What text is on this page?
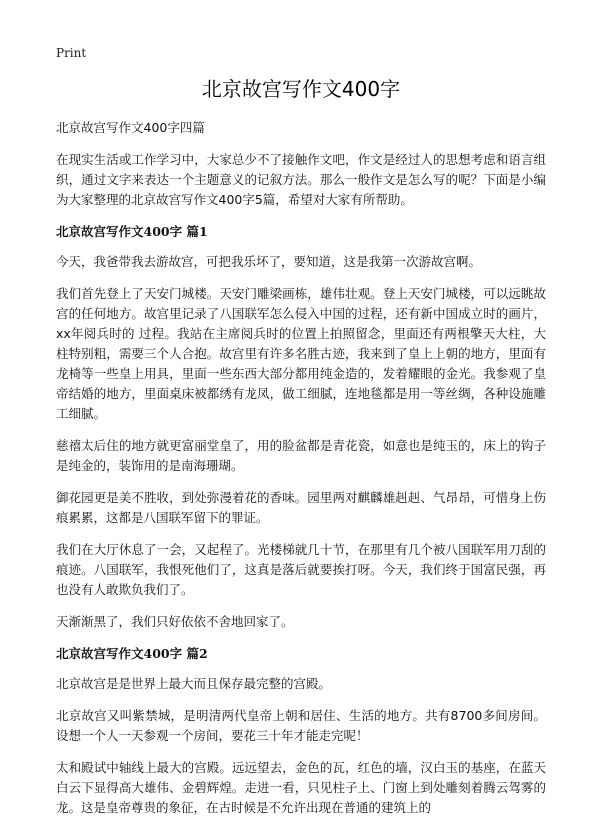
Print
北京故宫写作文400字
北京故宫写作文400字四篇

在现实生活或工作学习中，大家总少不了接触作文吧，作文是经过人的思想考虑和语言组织，通过文字来表达一个主题意义的记叙方法。那么一般作文是怎么写的呢？下面是小编为大家整理的北京故宫写作文400字5篇，希望对大家有所帮助。

北京故宫写作文400字 篇1

今天，我爸带我去游故宫，可把我乐坏了，要知道，这是我第一次游故宫啊。

我们首先登上了天安门城楼。天安门雕梁画栋，雄伟壮观。登上天安门城楼，可以远眺故宫的任何地方。故宫里记录了八国联军怎么侵入中国的过程，还有新中国成立时的画片，xx年阅兵时的 过程。我站在主席阅兵时的位置上拍照留念，里面还有两根擎天大柱，大柱特别粗，需要三个人合抱。故宫里有许多名胜古迹，我来到了皇上上朝的地方，里面有龙椅等一些皇上用具，里面一些东西大部分都用纯金造的，发着耀眼的金光。我参观了皇帝结婚的地方，里面桌床被都绣有龙凤，做工细腻，连地毯都是用一等丝绸，各种设施雕工细腻。

慈禧太后住的地方就更富丽堂皇了，用的脸盆都是青花瓷，如意也是纯玉的，床上的钩子是纯金的，装饰用的是南海珊瑚。

御花园更是美不胜收，到处弥漫着花的香味。园里两对麒麟雄赳赳、气昂昂，可惜身上伤痕累累，这都是八国联军留下的罪证。

我们在大厅休息了一会，又起程了。光楼梯就几十节，在那里有几个被八国联军用刀刮的痕迹。八国联军，我恨死他们了，这真是落后就要挨打呀。今天，我们终于国富民强，再也没有人敢欺负我们了。

天渐渐黑了，我们只好依依不舍地回家了。

北京故宫写作文400字 篇2

北京故宫是是世界上最大而且保存最完整的宫殿。

北京故宫又叫紫禁城，是明清两代皇帝上朝和居住、生活的地方。共有8700多间房间。设想一个人一天参观一个房间，要花三十年才能走完呢！

太和殿试中轴线上最大的宫殿。远远望去，金色的瓦，红色的墙，汉白玉的基座，在蓝天白云下显得高大雄伟、金碧辉煌。走进一看，只见柱子上、门窗上到处雕刻着腾云驾雾的龙。这是皇帝尊贵的象征，在古时候是不允许出现在普通的建筑上的
